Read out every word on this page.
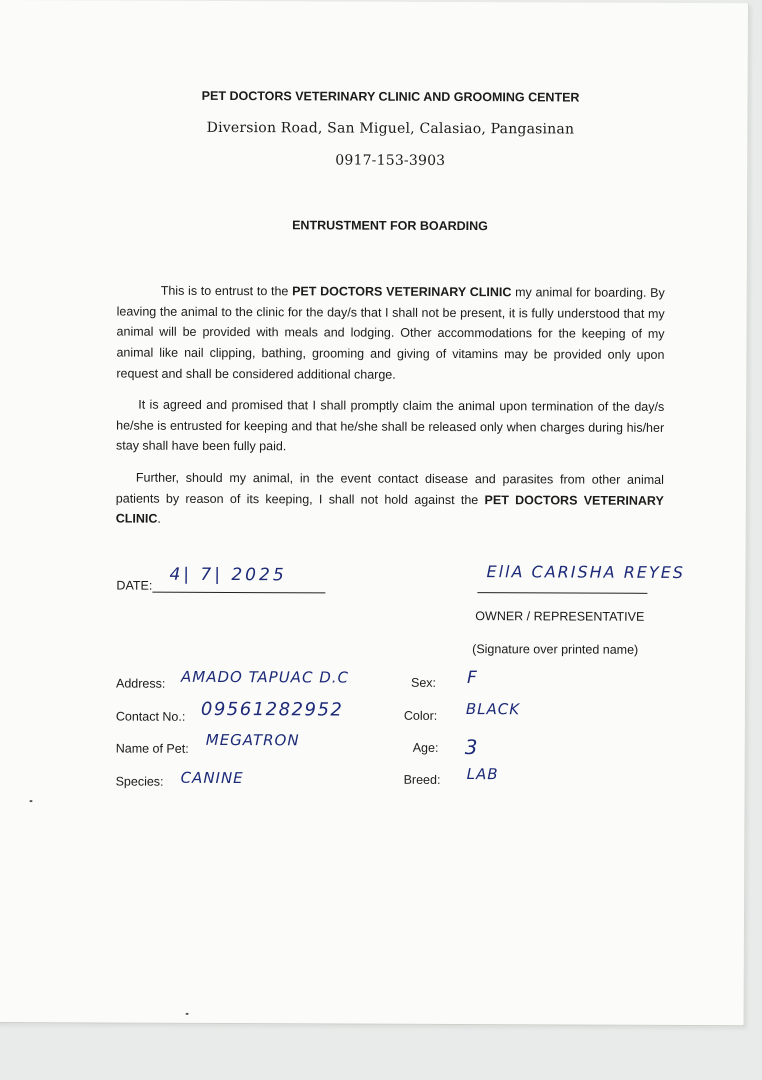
PET DOCTORS VETERINARY CLINIC AND GROOMING CENTER
Diversion Road, San Miguel, Calasiao, Pangasinan
0917-153-3903
ENTRUSTMENT FOR BOARDING

This is to entrust to the PET DOCTORS VETERINARY CLINIC my animal for boarding. By leaving the animal to the clinic for the day/s that I shall not be present, it is fully understood that my animal will be provided with meals and lodging. Other accommodations for the keeping of my animal like nail clipping, bathing, grooming and giving of vitamins may be provided only upon request and shall be considered additional charge.

It is agreed and promised that I shall promptly claim the animal upon termination of the day/s he/she is entrusted for keeping and that he/she shall be released only when charges during his/her stay shall have been fully paid.

Further, should my animal, in the event contact disease and parasites from other animal patients by reason of its keeping, I shall not hold against the PET DOCTORS VETERINARY CLINIC.

DATE:
4| 7| 2025	EllA CARISHA REYES
OWNER / REPRESENTATIVE
(Signature over printed name)
Address: AMADO TAPUAC D.C
Contact No.: 09561282952
Name of Pet: MEGATRON
Species: CANINE
Sex: F
Color: BLACK
Age: 3
Breed: LAB
